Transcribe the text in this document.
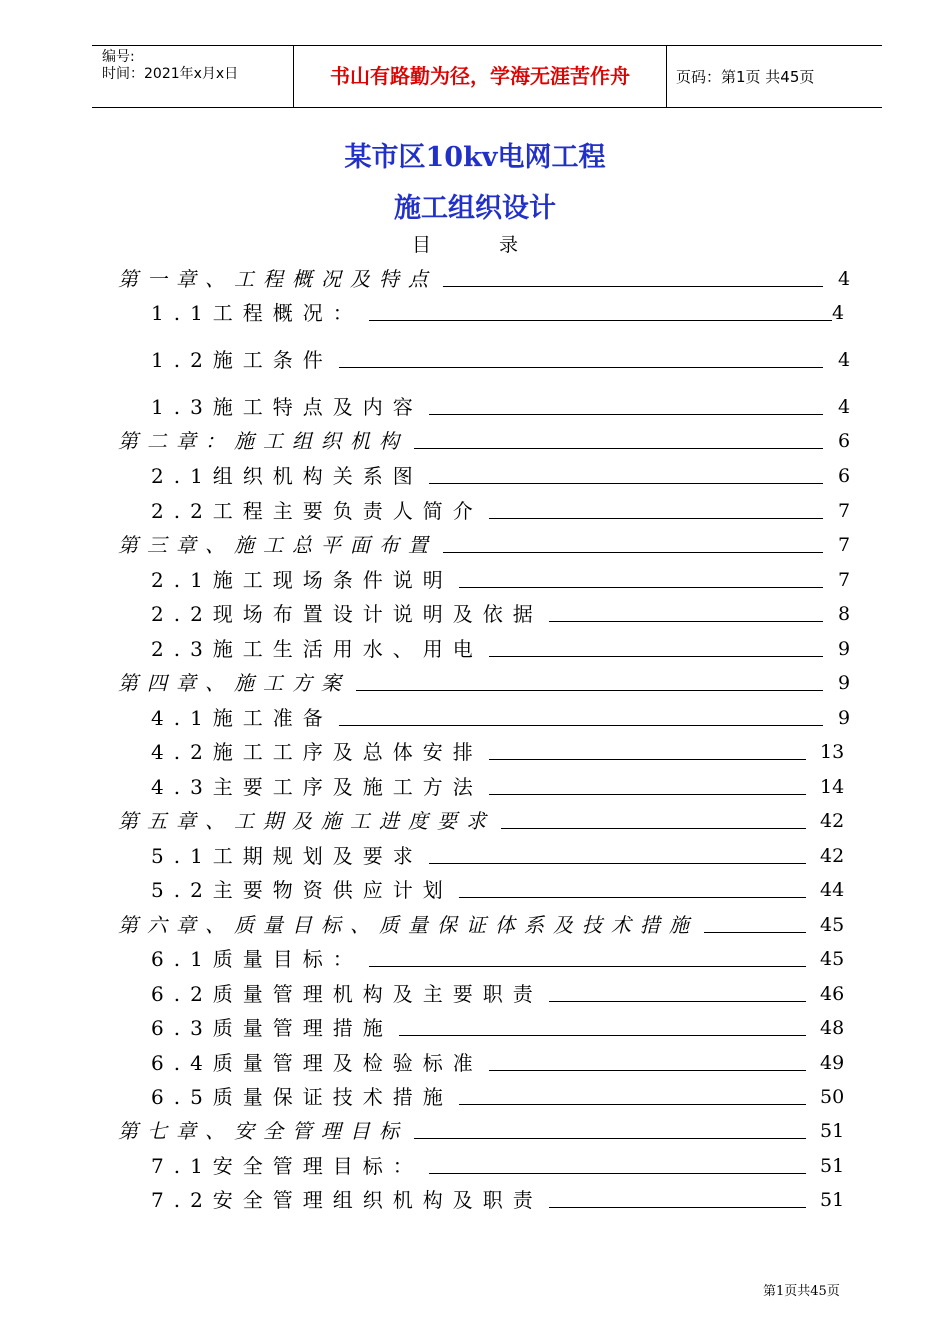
编号:
时间：2021年x月x日	书山有路勤为径，学海无涯苦作舟	页码：第1页 共45页
某市区10kv电网工程
施工组织设计
目录
第一章、工程概况及特点	4
1.1工程概况：	4
1.2施工条件	4
1.3施工特点及内容	4
第二章：施工组织机构	6
2.1组织机构关系图	6
2.2工程主要负责人简介	7
第三章、施工总平面布置	7
2.1施工现场条件说明	7
2.2现场布置设计说明及依据	8
2.3施工生活用水、用电	9
第四章、施工方案	9
4.1施工准备	9
4.2施工工序及总体安排	13
4.3主要工序及施工方法	14
第五章、工期及施工进度要求	42
5.1工期规划及要求	42
5.2主要物资供应计划	44
第六章、质量目标、质量保证体系及技术措施	45
6.1质量目标：	45
6.2质量管理机构及主要职责	46
6.3质量管理措施	48
6.4质量管理及检验标准	49
6.5质量保证技术措施	50
第七章、安全管理目标	51
7.1安全管理目标：	51
7.2安全管理组织机构及职责	51
第1页共45页
